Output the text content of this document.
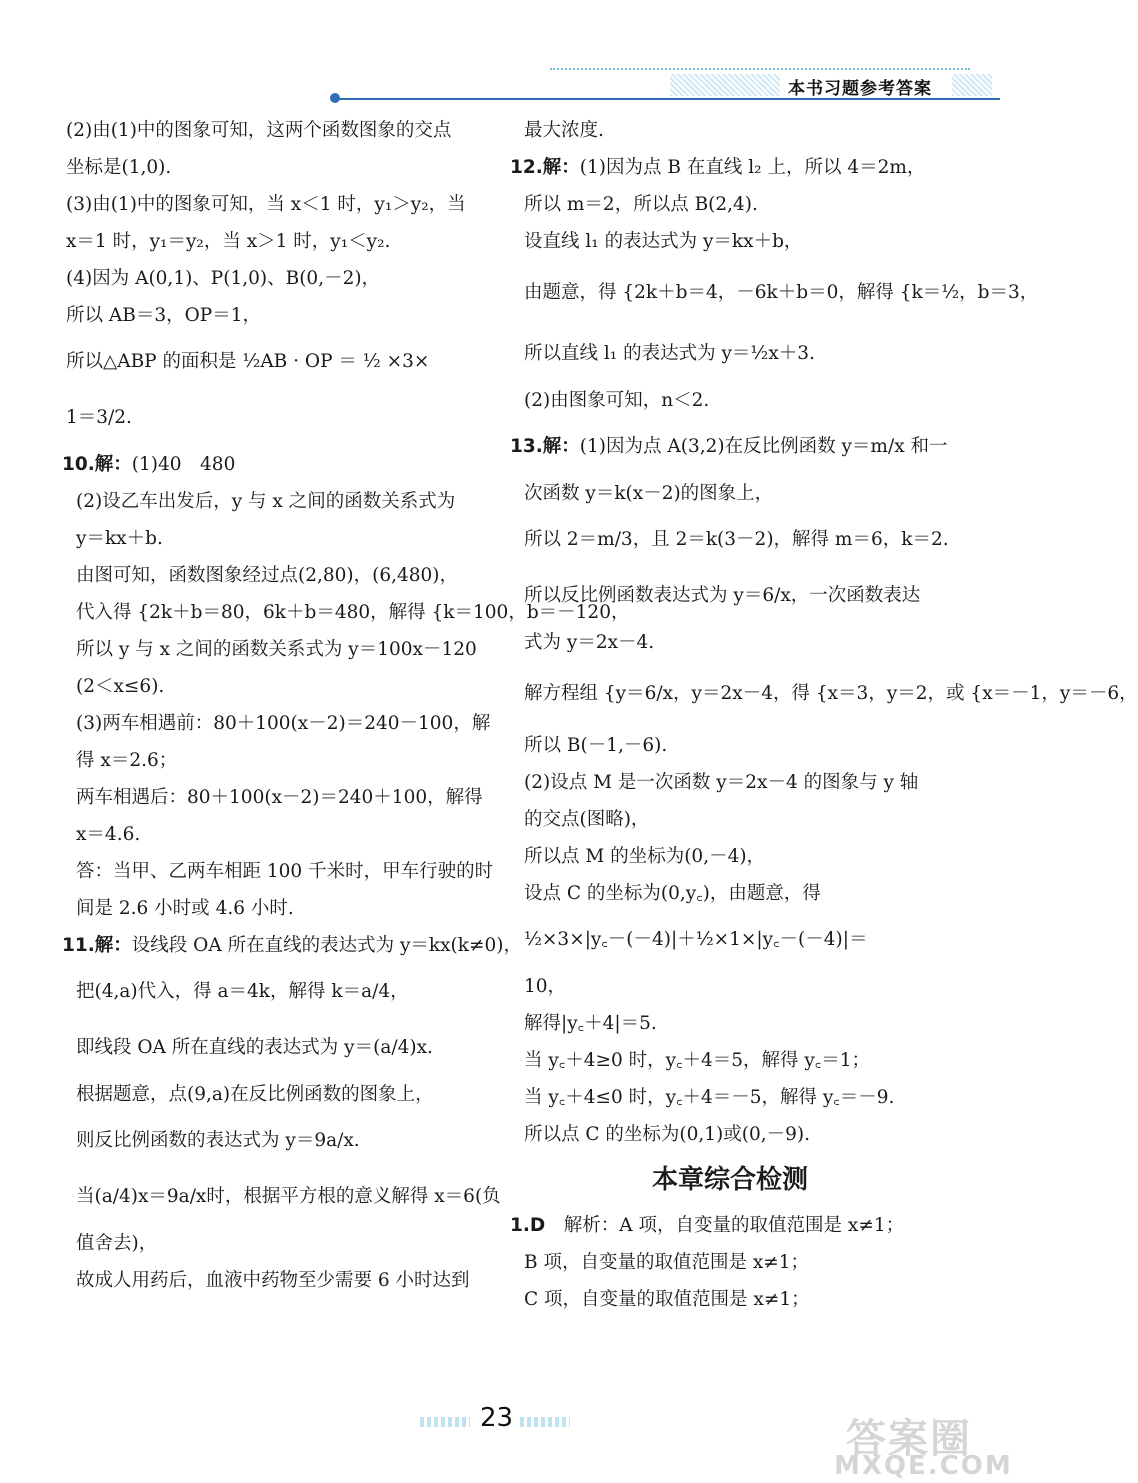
本书习题参考答案

(2)由(1)中的图象可知，这两个函数图象的交点

坐标是(1,0).

(3)由(1)中的图象可知，当 x＜1 时，y₁＞y₂，当

x＝1 时，y₁＝y₂，当 x＞1 时，y₁＜y₂.

(4)因为 A(0,1)、P(1,0)、B(0,－2)，

所以 AB＝3，OP＝1，

所以△ABP 的面积是 ½AB · OP ＝ ½ ×3×

1＝3/2.

10.解：(1)40　480

(2)设乙车出发后，y 与 x 之间的函数关系式为

y＝kx＋b.

由图可知，函数图象经过点(2,80)，(6,480)，

代入得 {2k＋b＝80，6k＋b＝480，解得 {k＝100，b＝－120，

所以 y 与 x 之间的函数关系式为 y＝100x－120

(2＜x≤6).

(3)两车相遇前：80＋100(x－2)＝240－100，解

得 x＝2.6；

两车相遇后：80＋100(x－2)＝240＋100，解得

x＝4.6.

答：当甲、乙两车相距 100 千米时，甲车行驶的时

间是 2.6 小时或 4.6 小时.

11.解：设线段 OA 所在直线的表达式为 y＝kx(k≠0)，

把(4,a)代入，得 a＝4k，解得 k＝a/4，

即线段 OA 所在直线的表达式为 y＝(a/4)x.

根据题意，点(9,a)在反比例函数的图象上，

则反比例函数的表达式为 y＝9a/x.

当(a/4)x＝9a/x时，根据平方根的意义解得 x＝6(负

值舍去)，

故成人用药后，血液中药物至少需要 6 小时达到

最大浓度.

12.解：(1)因为点 B 在直线 l₂ 上，所以 4＝2m，

所以 m＝2，所以点 B(2,4).

设直线 l₁ 的表达式为 y＝kx＋b，

由题意，得 {2k＋b＝4，－6k＋b＝0，解得 {k＝½，b＝3，

所以直线 l₁ 的表达式为 y＝½x＋3.

(2)由图象可知，n＜2.

13.解：(1)因为点 A(3,2)在反比例函数 y＝m/x 和一

次函数 y＝k(x－2)的图象上，

所以 2＝m/3，且 2＝k(3－2)，解得 m＝6，k＝2.

所以反比例函数表达式为 y＝6/x，一次函数表达

式为 y＝2x－4.

解方程组 {y＝6/x，y＝2x－4，得 {x＝3，y＝2，或 {x＝－1，y＝－6，

所以 B(－1,－6).

(2)设点 M 是一次函数 y＝2x－4 的图象与 y 轴

的交点(图略)，

所以点 M 的坐标为(0,－4)，

设点 C 的坐标为(0,y꜀)，由题意，得

½×3×|y꜀－(－4)|＋½×1×|y꜀－(－4)|＝

10，

解得|y꜀＋4|＝5.

当 y꜀＋4≥0 时，y꜀＋4＝5，解得 y꜀＝1；

当 y꜀＋4≤0 时，y꜀＋4＝－5，解得 y꜀＝－9.

所以点 C 的坐标为(0,1)或(0,－9).

本章综合检测

1.D　解析：A 项，自变量的取值范围是 x≠1；

B 项，自变量的取值范围是 x≠1；

C 项，自变量的取值范围是 x≠1；

23	答案圈
MXQE.COM
